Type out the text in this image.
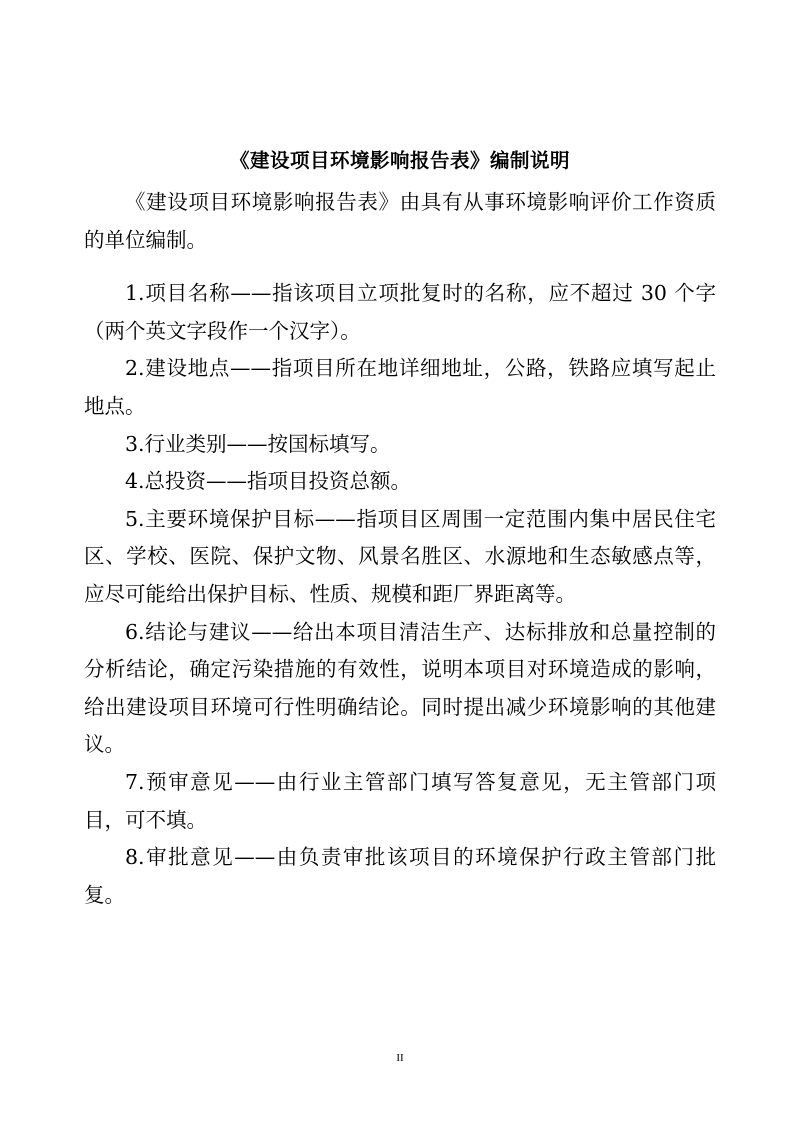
《建设项目环境影响报告表》编制说明

《建设项目环境影响报告表》由具有从事环境影响评价工作资质的单位编制。

1.项目名称——指该项目立项批复时的名称，应不超过 30 个字（两个英文字段作一个汉字）。

2.建设地点——指项目所在地详细地址，公路，铁路应填写起止地点。

3.行业类别——按国标填写。

4.总投资——指项目投资总额。

5.主要环境保护目标——指项目区周围一定范围内集中居民住宅区、学校、医院、保护文物、风景名胜区、水源地和生态敏感点等，应尽可能给出保护目标、性质、规模和距厂界距离等。

6.结论与建议——给出本项目清洁生产、达标排放和总量控制的分析结论，确定污染措施的有效性，说明本项目对环境造成的影响，给出建设项目环境可行性明确结论。同时提出减少环境影响的其他建议。

7.预审意见——由行业主管部门填写答复意见，无主管部门项目，可不填。

8.审批意见——由负责审批该项目的环境保护行政主管部门批复。

II
